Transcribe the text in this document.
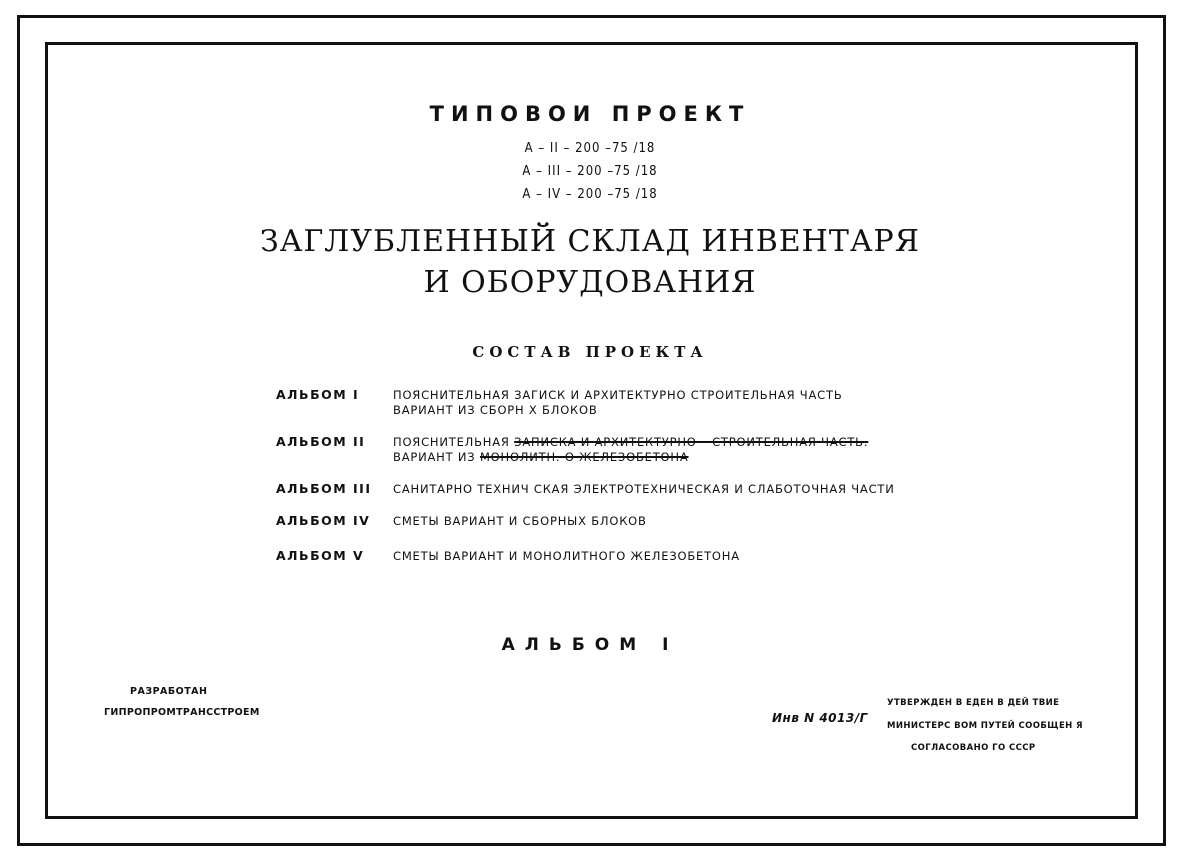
ТИПОВОИ ПРОЕКТ
А – II – 200 –75 /18
А – III – 200 –75 /18
А – IV – 200 –75 /18
ЗАГЛУБЛЕННЫЙ СКЛАД ИНВЕНТАРЯ
И ОБОРУДОВАНИЯ
СОСТАВ ПРОЕКТА
АЛЬБОМ I	ПОЯСНИТЕЛЬНАЯ ЗАГИСК И АРХИТЕКТУРНО СТРОИТЕЛЬНАЯ ЧАСТЬ
ВАРИАНТ ИЗ СБОРН Х БЛОКОВ
АЛЬБОМ II ПОЯСНИТЕЛЬНАЯ ЗАПИСКА И АРХИТЕКТУРНО – СТРОИТЕЛЬНАЯ ЧАСТЬ.
ВАРИАНТ ИЗ МОНОЛИТН. О ЖЕЛЕЗОБЕТОНА
АЛЬБОМ III САНИТАРНО ТЕХНИЧ СКАЯ ЭЛЕКТРОТЕХНИЧЕСКАЯ И СЛАБОТОЧНАЯ ЧАСТИ
АЛЬБОМ IV СМЕТЫ ВАРИАНТ И СБОРНЫХ БЛОКОВ
АЛЬБОМ V	СМЕТЫ ВАРИАНТ И МОНОЛИТНОГО ЖЕЛЕЗОБЕТОНА
АЛЬБОМ I
РАЗРАБОТАН
ГИПРОПРОМТРАНССТРОЕМ	Инв N 4013/Г
УТВЕРЖДЕН В ЕДЕН В ДЕЙ ТВИЕ
МИНИСТЕРС ВОМ ПУТЕЙ СООБЩЕН Я
СОГЛАСОВАНО ГО СССР
